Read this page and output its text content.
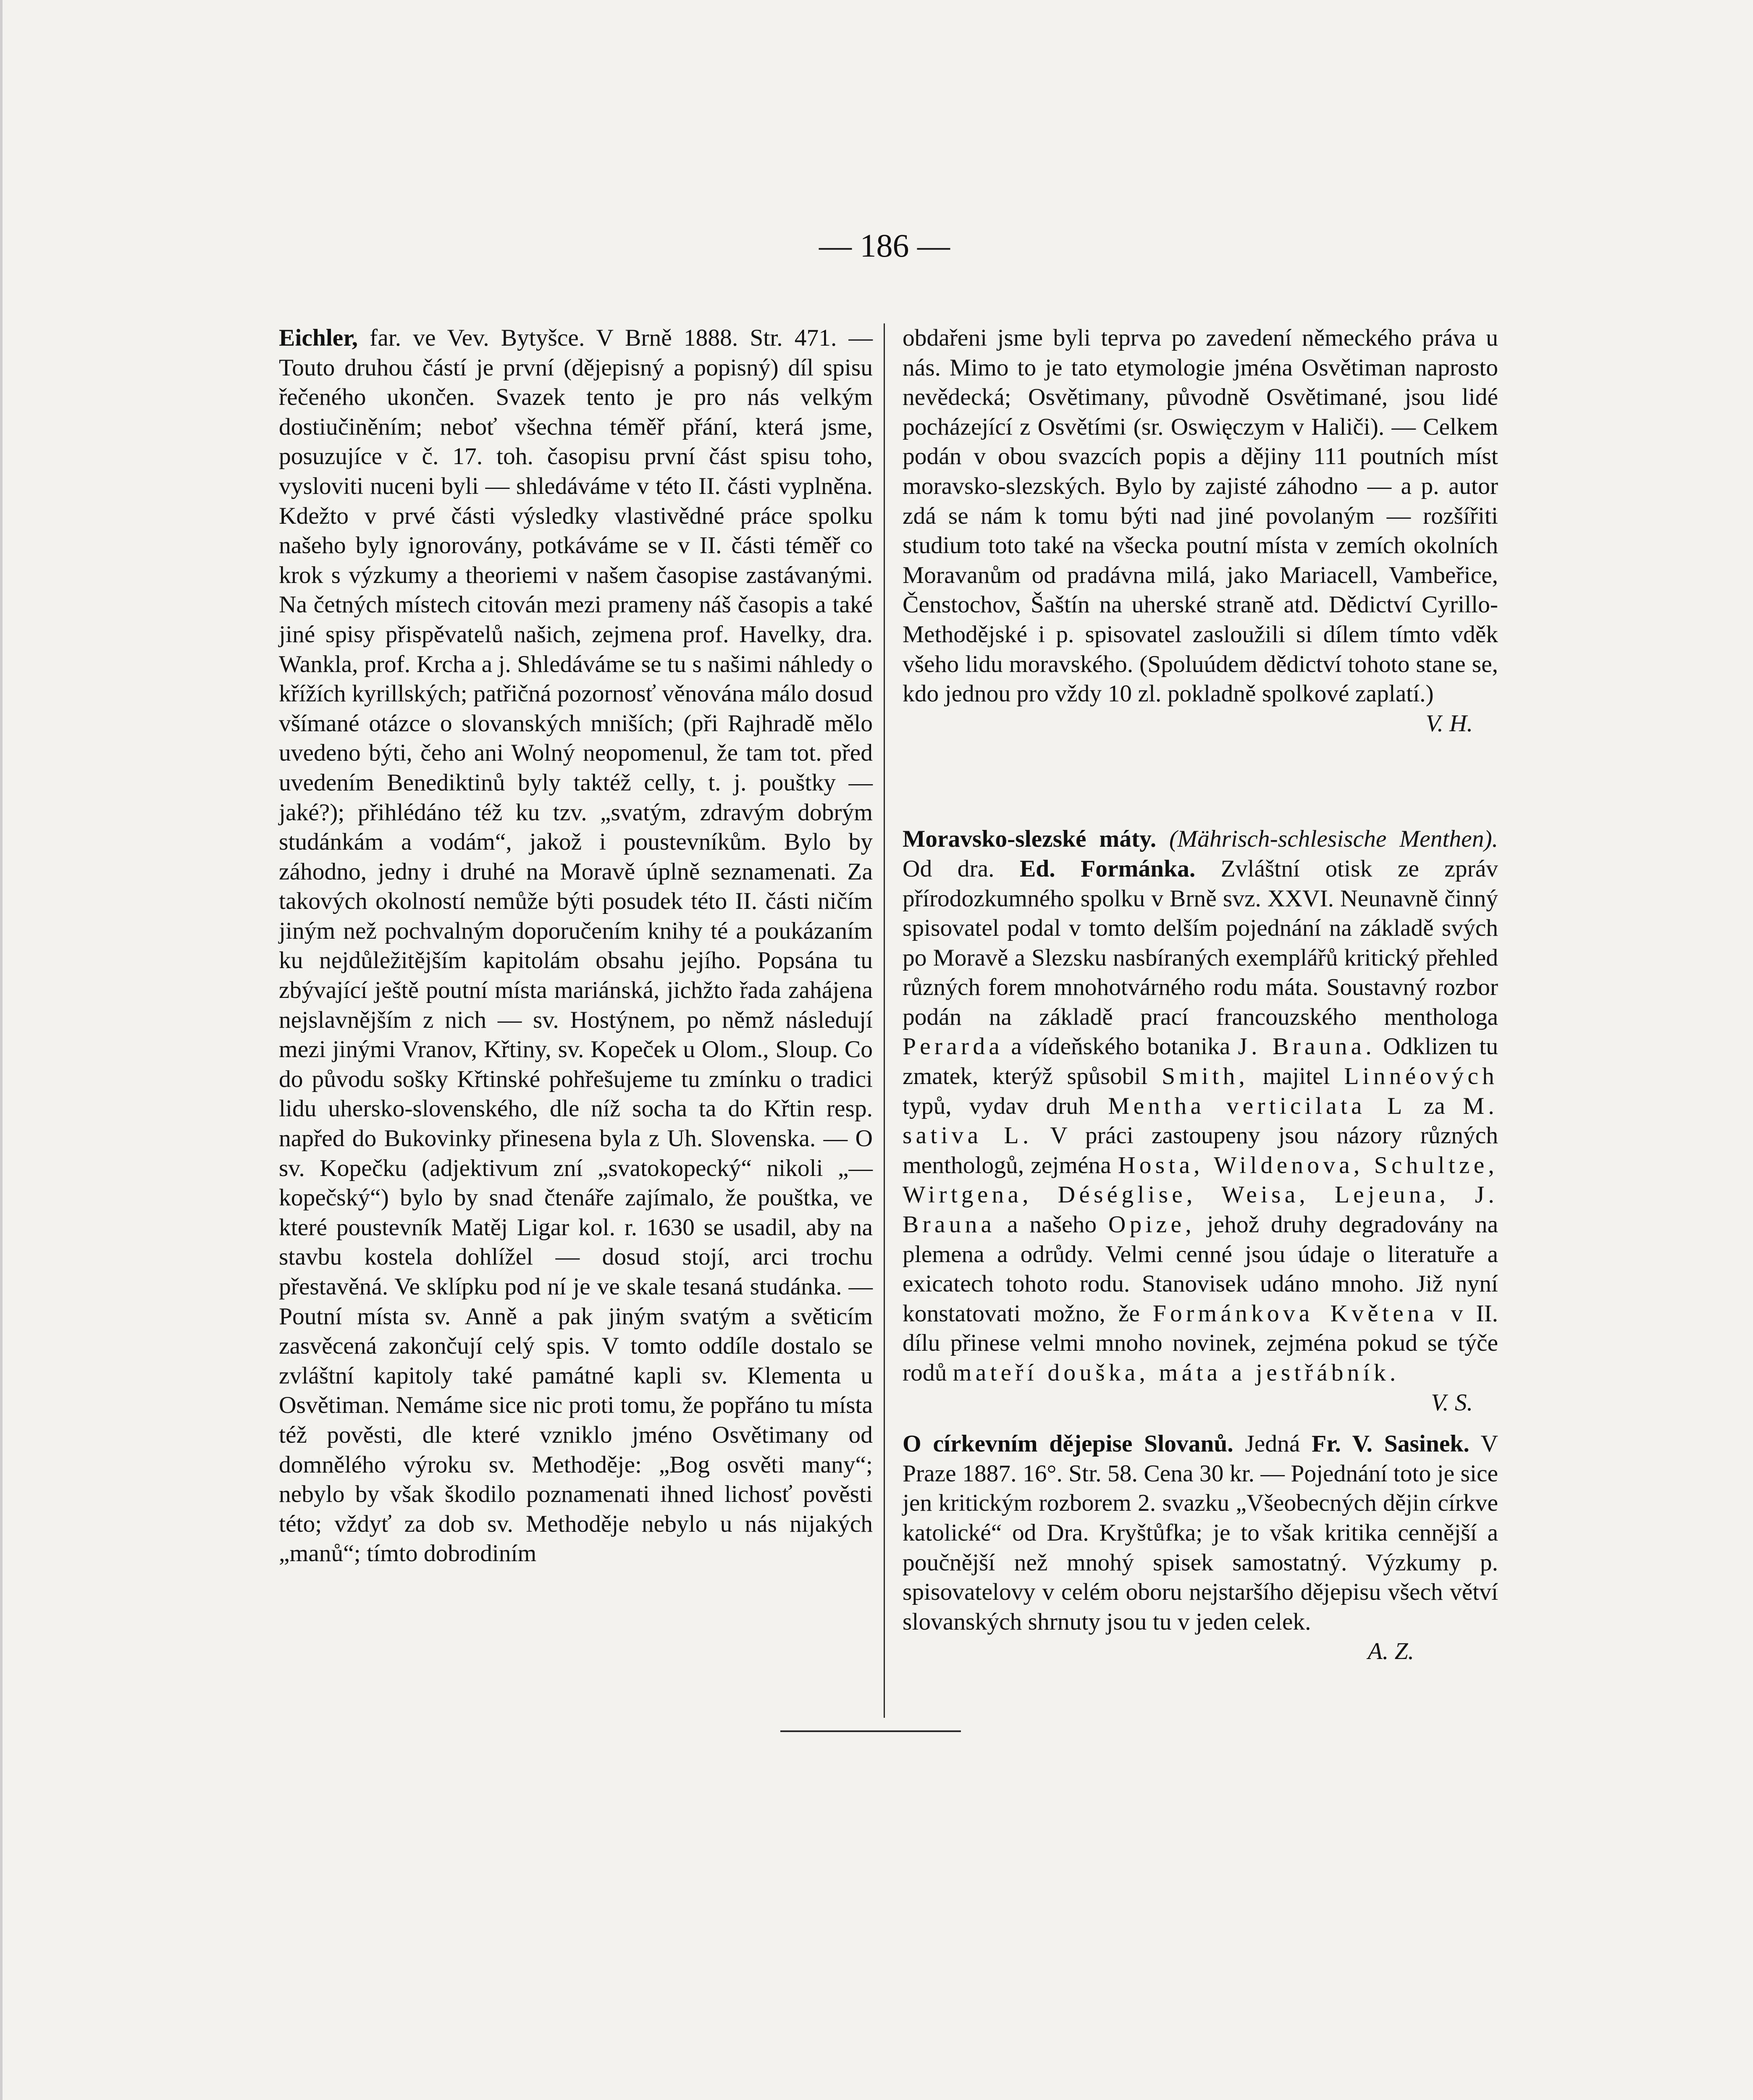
— 186 —

Eichler, far. ve Vev. Bytyšce. V Brně 1888. Str. 471. — Touto druhou částí je první (dějepisný a popisný) díl spisu řečeného ukončen. Svazek tento je pro nás velkým dostiučiněním; neboť všechna téměř přání, která jsme, posuzujíce v č. 17. toh. časopisu první část spisu toho, vysloviti nuceni byli — shledáváme v této II. části vyplněna. Kdežto v prvé části výsledky vlastivědné práce spolku našeho byly ignorovány, potkáváme se v II. části téměř co krok s výzkumy a theoriemi v našem časopise zastávanými. Na četných místech citován mezi prameny náš časopis a také jiné spisy přispěvatelů našich, zejmena prof. Havelky, dra. Wankla, prof. Krcha a j. Shledáváme se tu s našimi náhledy o křížích kyrillských; patřičná pozornosť věnována málo dosud všímané otázce o slovanských mniších; (při Rajhradě mělo uvedeno býti, čeho ani Wolný neopomenul, že tam tot. před uvedením Benediktinů byly taktéž celly, t. j. pouštky — jaké?); přihlédáno též ku tzv. „svatým, zdravým dobrým studánkám a vodám“, jakož i poustevníkům. Bylo by záhodno, jedny i druhé na Moravě úplně seznamenati. Za takových okolností nemůže býti posudek této II. části ničím jiným než pochvalným doporučením knihy té a poukázaním ku nejdůležitějším kapitolám obsahu jejího. Popsána tu zbývající ještě poutní místa mariánská, jichžto řada zahájena nejslavnějším z nich — sv. Hostýnem, po němž následují mezi jinými Vranov, Křtiny, sv. Kopeček u Olom., Sloup. Co do původu sošky Křtinské pohřešujeme tu zmínku o tradici lidu uhersko-slovenského, dle níž socha ta do Křtin resp. napřed do Bukovinky přinesena byla z Uh. Slovenska. — O sv. Kopečku (adjektivum zní „svatokopecký“ nikoli „—kopečský“) bylo by snad čtenáře zajímalo, že pouštka, ve které poustevník Matěj Ligar kol. r. 1630 se usadil, aby na stavbu kostela dohlížel — dosud stojí, arci trochu přestavěná. Ve sklípku pod ní je ve skale tesaná studánka. — Poutní místa sv. Anně a pak jiným svatým a světicím zasvěcená zakončují celý spis. V tomto oddíle dostalo se zvláštní kapitoly také památné kapli sv. Klementa u Osvětiman. Nemáme sice nic proti tomu, že popřáno tu místa též pověsti, dle které vzniklo jméno Osvětimany od domnělého výroku sv. Methoděje: „Bog osvěti many“; nebylo by však škodilo poznamenati ihned lichosť pověsti této; vždyť za dob sv. Methoděje nebylo u nás nijakých „manů“; tímto dobrodiním

obdařeni jsme byli teprva po zavedení německého práva u nás. Mimo to je tato etymologie jména Osvětiman naprosto nevědecká; Osvětimany, původně Osvětimané, jsou lidé pocházející z Osvětími (sr. Oswięczym v Haliči). — Celkem podán v obou svazcích popis a dějiny 111 poutních míst moravsko-slezských. Bylo by zajisté záhodno — a p. autor zdá se nám k tomu býti nad jiné povolaným — rozšířiti studium toto také na všecka poutní místa v zemích okolních Moravanům od pradávna milá, jako Mariacell, Vambeřice, Čenstochov, Šaštín na uherské straně atd. Dědictví Cyrillo-Methodějské i p. spisovatel zasloužili si dílem tímto vděk všeho lidu moravského. (Spoluúdem dědictví tohoto stane se, kdo jednou pro vždy 10 zl. pokladně spolkové zaplatí.)

V. H.

Moravsko-slezské máty. (Mährisch-schlesische Menthen). Od dra. Ed. Formánka. Zvláštní otisk ze zpráv přírodozkumného spolku v Brně svz. XXVI. Neunavně činný spisovatel podal v tomto delším pojednání na základě svých po Moravě a Slezsku nasbíraných exemplářů kritický přehled různých forem mnohotvárného rodu máta. Soustavný rozbor podán na základě prací francouzského menthologa Perarda a vídeňského botanika J. Brauna. Odklizen tu zmatek, kterýž spůsobil Smith, majitel Linnéových typů, vydav druh Mentha verticilata L za M. sativa L. V práci zastoupeny jsou názory různých menthologů, zejména Hosta, Wildenova, Schultze, Wirtgena, Déséglise, Weisa, Lejeuna, J. Brauna a našeho Opize, jehož druhy degradovány na plemena a odrůdy. Velmi cenné jsou údaje o literatuře a exicatech tohoto rodu. Stanovisek udáno mnoho. Již nyní konstatovati možno, že Formánkova Květena v II. dílu přinese velmi mnoho novinek, zejména pokud se týče rodů mateří douška, máta a jestřábník.

V. S.

O církevním dějepise Slovanů. Jedná Fr. V. Sasinek. V Praze 1887. 16°. Str. 58. Cena 30 kr. — Pojednání toto je sice jen kritickým rozborem 2. svazku „Všeobecných dějin církve katolické“ od Dra. Kryštůfka; je to však kritika cennější a poučnější než mnohý spisek samostatný. Výzkumy p. spisovatelovy v celém oboru nejstaršího dějepisu všech větví slovanských shrnuty jsou tu v jeden celek.

A. Z.
